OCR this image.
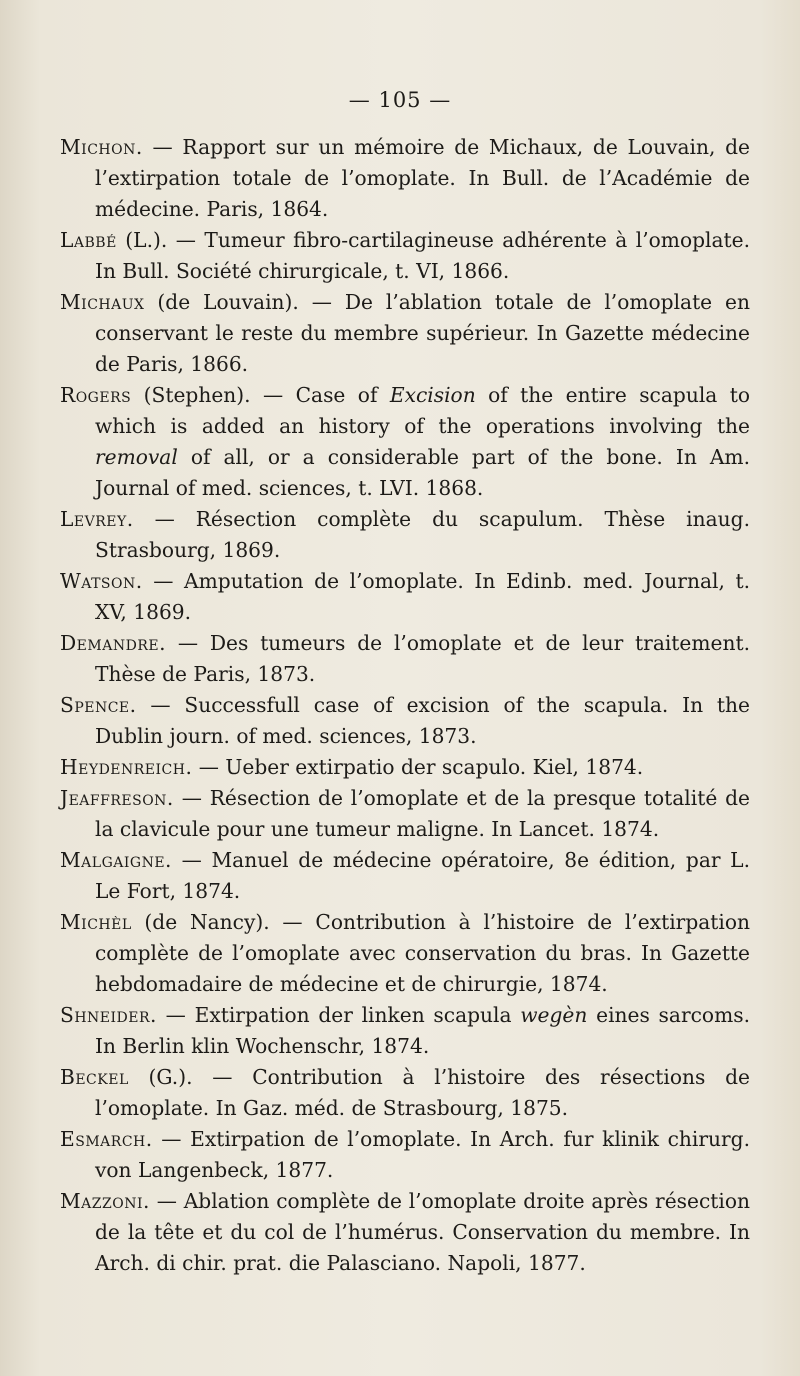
— 105 —

Michon. — Rapport sur un mémoire de Michaux, de Louvain, de l’extirpation totale de l’omoplate. In Bull. de l’Académie de médecine. Paris, 1864.

Labbé (L.). — Tumeur fibro-cartilagineuse adhérente à l’omoplate. In Bull. Société chirurgicale, t. VI, 1866.

Michaux (de Louvain). — De l’ablation totale de l’omoplate en conservant le reste du membre supérieur. In Gazette médecine de Paris, 1866.

Rogers (Stephen). — Case of Excision of the entire scapula to which is added an history of the operations involving the removal of all, or a considerable part of the bone. In Am. Journal of med. sciences, t. LVI. 1868.

Levrey. — Résection complète du scapulum. Thèse inaug. Strasbourg, 1869.

Watson. — Amputation de l’omoplate. In Edinb. med. Journal, t. XV, 1869.

Demandre. — Des tumeurs de l’omoplate et de leur traitement. Thèse de Paris, 1873.

Spence. — Successfull case of excision of the scapula. In the Dublin journ. of med. sciences, 1873.

Heydenreich. — Ueber extirpatio der scapulo. Kiel, 1874.

Jeaffreson. — Résection de l’omoplate et de la presque totalité de la clavicule pour une tumeur maligne. In Lancet. 1874.

Malgaigne. — Manuel de médecine opératoire, 8e édition, par L. Le Fort, 1874.

Michèl (de Nancy). — Contribution à l’histoire de l’extirpation complète de l’omoplate avec conservation du bras. In Gazette hebdomadaire de médecine et de chirurgie, 1874.

Shneider. — Extirpation der linken scapula wegèn eines sarcoms. In Berlin klin Wochenschr, 1874.

Beckel (G.). — Contribution à l’histoire des résections de l’omoplate. In Gaz. méd. de Strasbourg, 1875.

Esmarch. — Extirpation de l’omoplate. In Arch. fur klinik chirurg. von Langenbeck, 1877.

Mazzoni. — Ablation complète de l’omoplate droite après résection de la tête et du col de l’humérus. Conservation du membre. In Arch. di chir. prat. die Palasciano. Napoli, 1877.
